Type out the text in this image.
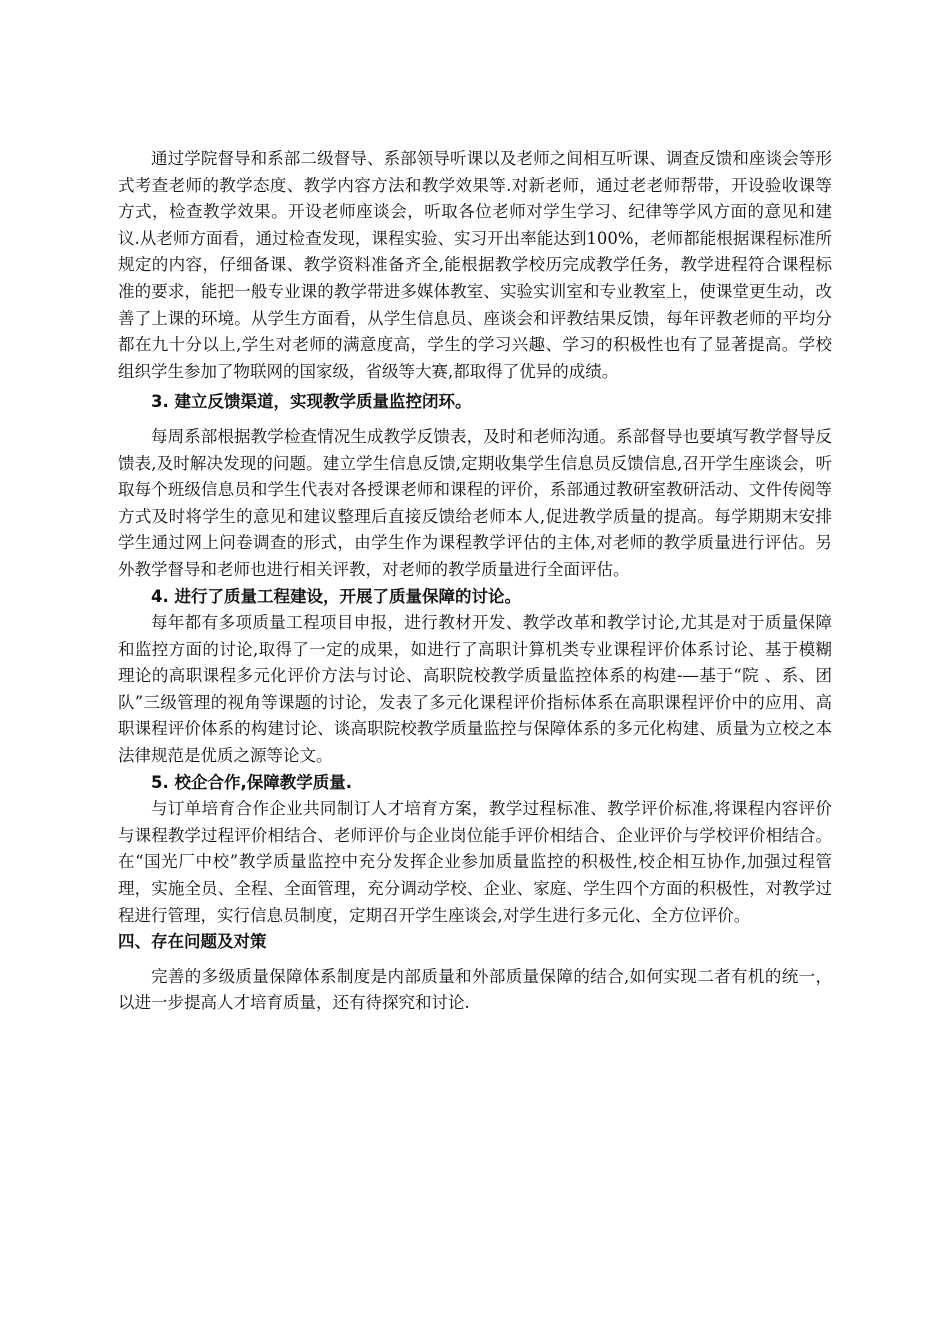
通过学院督导和系部二级督导、系部领导听课以及老师之间相互听课、调查反馈和座谈会等形式考查老师的教学态度、教学内容方法和教学效果等.对新老师，通过老老师帮带，开设验收课等方式，检查教学效果。开设老师座谈会，听取各位老师对学生学习、纪律等学风方面的意见和建议.从老师方面看，通过检查发现，课程实验、实习开出率能达到100%，老师都能根据课程标准所规定的内容，仔细备课、教学资料准备齐全,能根据教学校历完成教学任务，教学进程符合课程标准的要求，能把一般专业课的教学带进多媒体教室、实验实训室和专业教室上，使课堂更生动，改善了上课的环境。从学生方面看，从学生信息员、座谈会和评教结果反馈，每年评教老师的平均分都在九十分以上,学生对老师的满意度高，学生的学习兴趣、学习的积极性也有了显著提高。学校组织学生参加了物联网的国家级，省级等大赛,都取得了优异的成绩。

3. 建立反馈渠道，实现教学质量监控闭环。

每周系部根据教学检查情况生成教学反馈表，及时和老师沟通。系部督导也要填写教学督导反馈表,及时解决发现的问题。建立学生信息反馈,定期收集学生信息员反馈信息,召开学生座谈会，听取每个班级信息员和学生代表对各授课老师和课程的评价，系部通过教研室教研活动、文件传阅等方式及时将学生的意见和建议整理后直接反馈给老师本人,促进教学质量的提高。每学期期末安排学生通过网上问卷调查的形式，由学生作为课程教学评估的主体,对老师的教学质量进行评估。另外教学督导和老师也进行相关评教，对老师的教学质量进行全面评估。

4. 进行了质量工程建设，开展了质量保障的讨论。

每年都有多项质量工程项目申报，进行教材开发、教学改革和教学讨论,尤其是对于质量保障和监控方面的讨论,取得了一定的成果，如进行了高职计算机类专业课程评价体系讨论、基于模糊理论的高职课程多元化评价方法与讨论、高职院校教学质量监控体系的构建-—基于“院 、系、团队”三级管理的视角等课题的讨论，发表了多元化课程评价指标体系在高职课程评价中的应用、高职课程评价体系的构建讨论、谈高职院校教学质量监控与保障体系的多元化构建、质量为立校之本 法律规范是优质之源等论文。

5. 校企合作,保障教学质量.

与订单培育合作企业共同制订人才培育方案，教学过程标准、教学评价标准,将课程内容评价与课程教学过程评价相结合、老师评价与企业岗位能手评价相结合、企业评价与学校评价相结合。在“国光厂中校”教学质量监控中充分发挥企业参加质量监控的积极性,校企相互协作,加强过程管理，实施全员、全程、全面管理，充分调动学校、企业、家庭、学生四个方面的积极性，对教学过程进行管理，实行信息员制度，定期召开学生座谈会,对学生进行多元化、全方位评价。

四、存在问题及对策

完善的多级质量保障体系制度是内部质量和外部质量保障的结合,如何实现二者有机的统一，以进一步提高人才培育质量，还有待探究和讨论.
